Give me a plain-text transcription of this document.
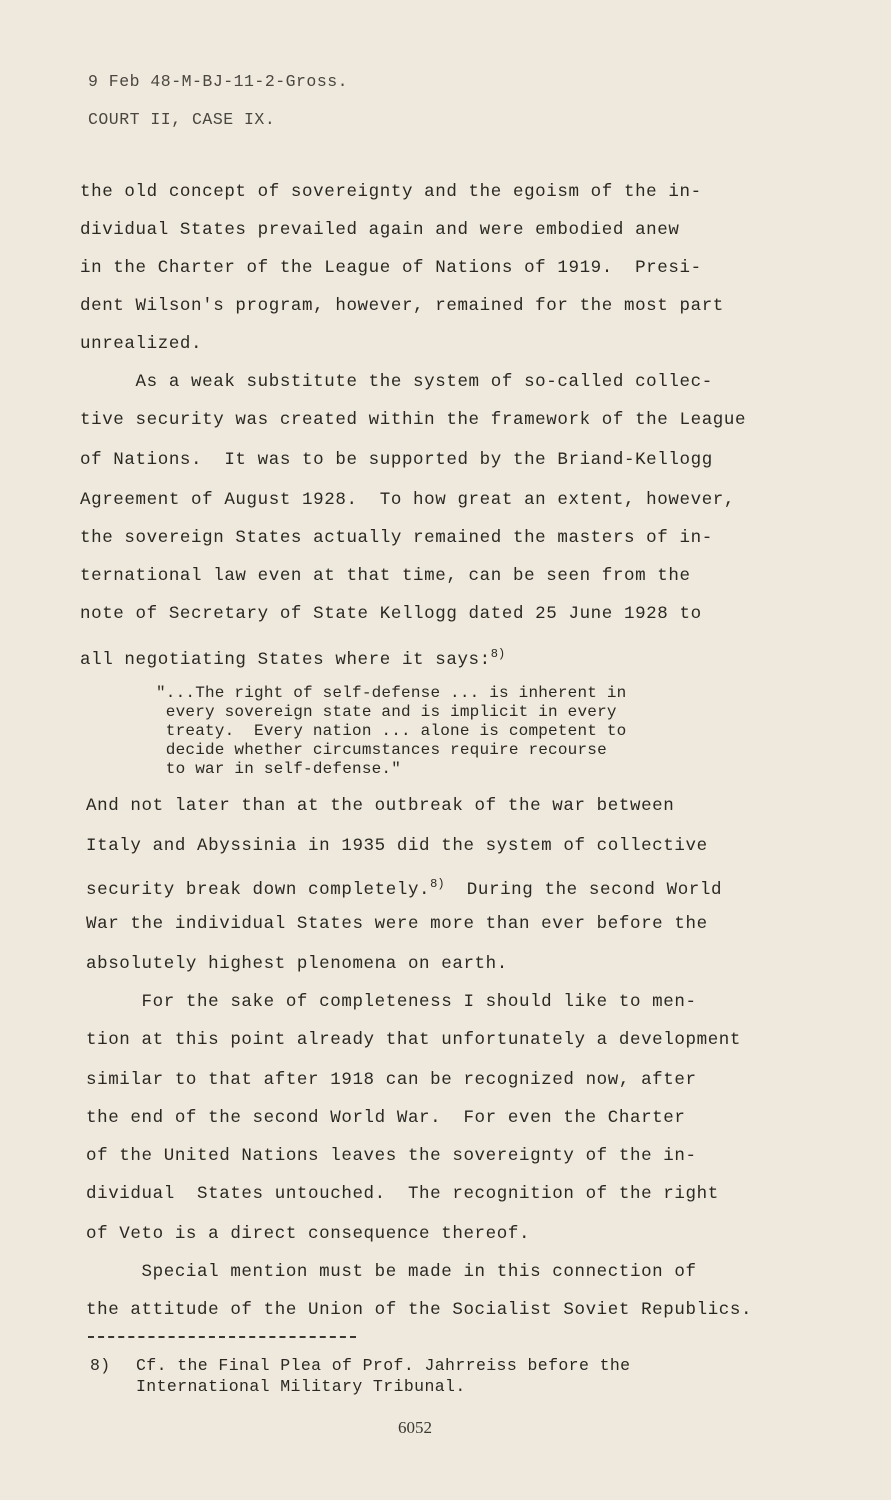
9 Feb 48-M-BJ-11-2-Gross.
COURT II, CASE IX.
the old concept of sovereignty and the egoism of the in-
dividual States prevailed again and were embodied anew
in the Charter of the League of Nations of 1919.  Presi-
dent Wilson's program, however, remained for the most part
unrealized.
As a weak substitute the system of so-called collec-
tive security was created within the framework of the League
of Nations.  It was to be supported by the Briand-Kellogg
Agreement of August 1928.  To how great an extent, however,
the sovereign States actually remained the masters of in-
ternational law even at that time, can be seen from the
note of Secretary of State Kellogg dated 25 June 1928 to
all negotiating States where it says:$^{8)}$
"...The right of self-defense ... is inherent in
every sovereign state and is implicit in every
treaty.  Every nation ... alone is competent to
decide whether circumstances require recourse
to war in self-defense."
And not later than at the outbreak of the war between
Italy and Abyssinia in 1935 did the system of collective
security break down completely.$^{8)}$  During the second World
War the individual States were more than ever before the
absolutely highest plenomena on earth.
For the sake of completeness I should like to men-
tion at this point already that unfortunately a development
similar to that after 1918 can be recognized now, after
the end of the second World War.  For even the Charter
of the United Nations leaves the sovereignty of the in-
dividual  States untouched.  The recognition of the right
of Veto is a direct consequence thereof.
Special mention must be made in this connection of
the attitude of the Union of the Socialist Soviet Republics.
8) Cf. the Final Plea of Prof. Jahrreiss before the
International Military Tribunal.
6052
